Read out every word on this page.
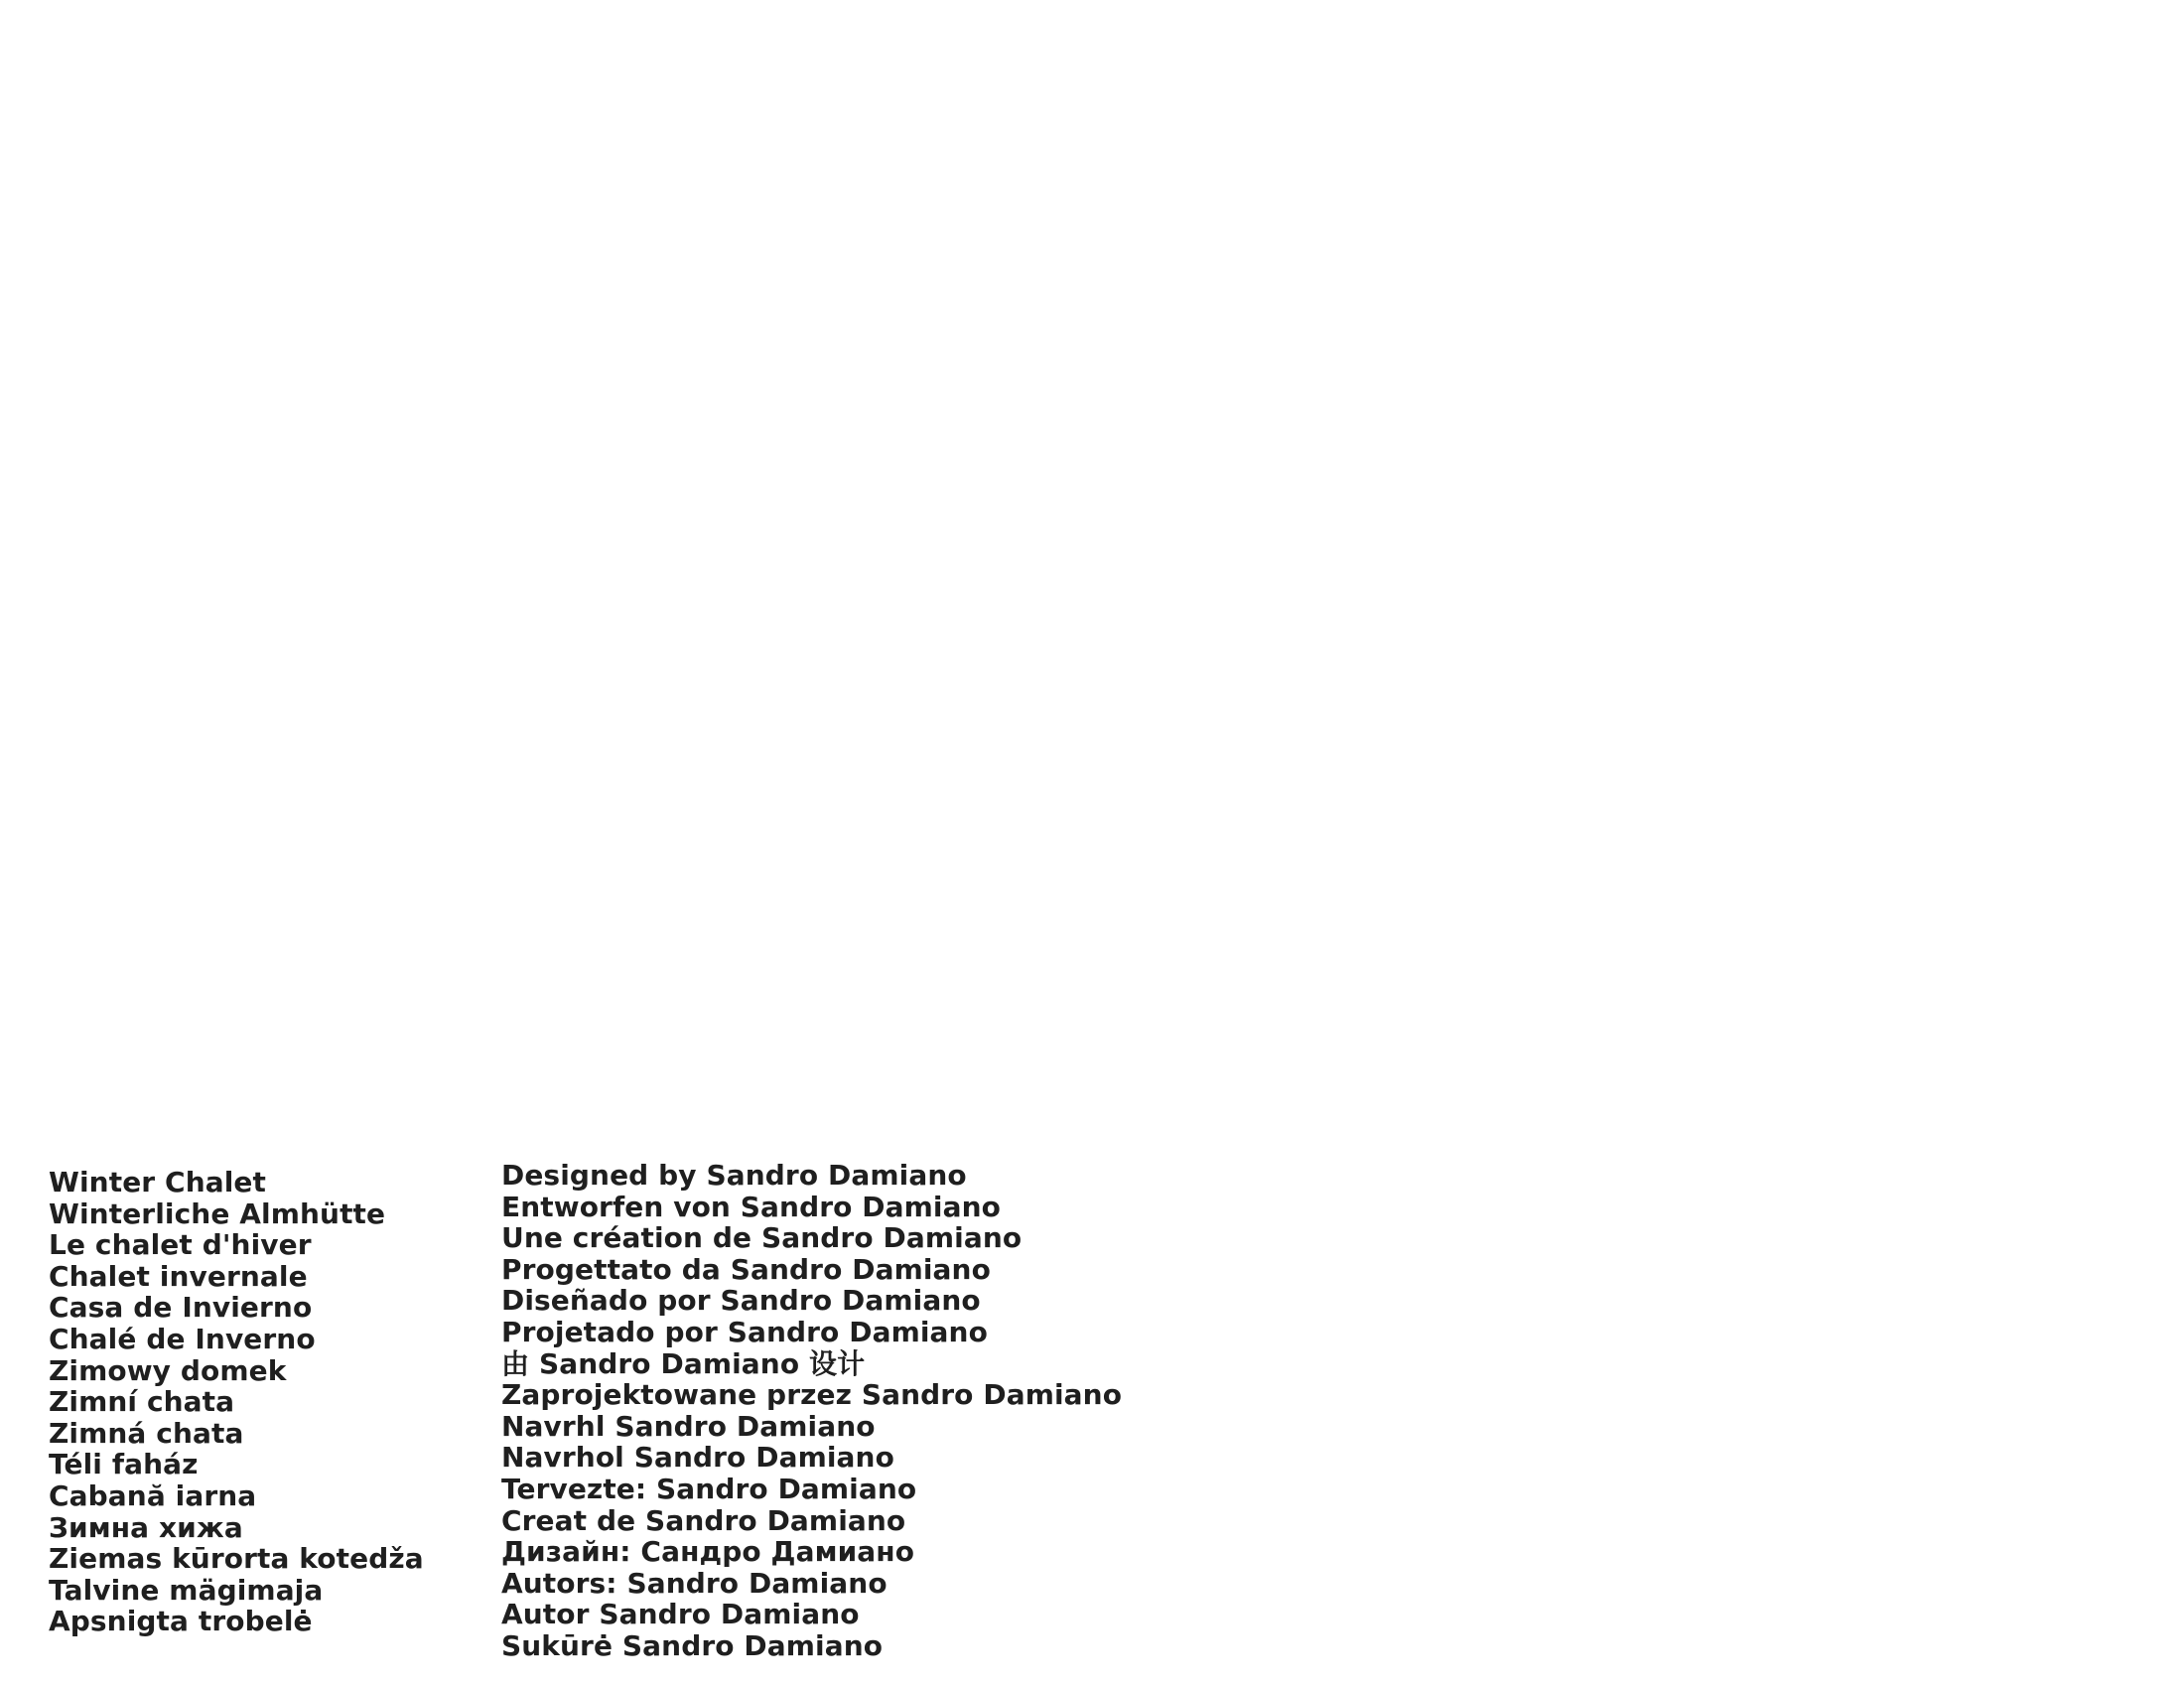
Winter Chalet
Winterliche Almhütte
Le chalet d'hiver
Chalet invernale
Casa de Invierno
Chalé de Inverno
Zimowy domek
Zimní chata
Zimná chata
Téli faház
Cabană iarna
Зимна хижа
Ziemas kūrorta kotedža
Talvine mägimaja
Apsnigta trobelė
Designed by Sandro Damiano
Entworfen von Sandro Damiano
Une création de Sandro Damiano
Progettato da Sandro Damiano
Diseñado por Sandro Damiano
Projetado por Sandro Damiano
由 Sandro Damiano 设计
Zaprojektowane przez Sandro Damiano
Navrhl Sandro Damiano
Navrhol Sandro Damiano
Tervezte: Sandro Damiano
Creat de Sandro Damiano
Дизайн: Сандро Дамиано
Autors: Sandro Damiano
Autor Sandro Damiano
Sukūrė Sandro Damiano
